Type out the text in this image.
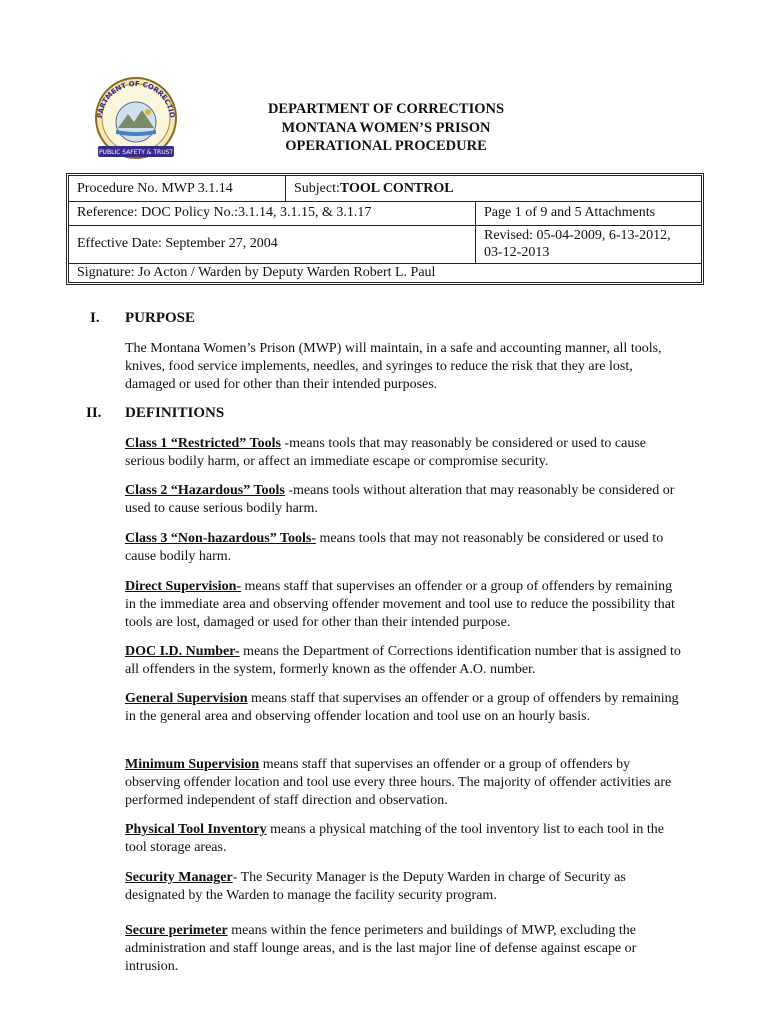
PARTMENT OF CORRECTIO
PUBLIC SAFETY & TRUST
DEPARTMENT OF CORRECTIONS
MONTANA WOMEN’S PRISON
OPERATIONAL PROCEDURE
Procedure No. MWP 3.1.14	Subject: TOOL CONTROL
Reference: DOC Policy No.:3.1.14, 3.1.15, & 3.1.17	Page 1 of 9 and 5 Attachments
Effective Date: September 27, 2004
Revised: 05-04-2009, 6-13-2012,
03-12-2013
Signature: Jo Acton / Warden by Deputy Warden Robert L. Paul
I. PURPOSE
The Montana Women’s Prison (MWP) will maintain, in a safe and accounting manner, all tools, knives, food service implements, needles, and syringes to reduce the risk that they are lost, damaged or used for other than their intended purposes.
II. DEFINITIONS
Class 1 “Restricted” Tools -means tools that may reasonably be considered or used to cause serious bodily harm, or affect an immediate escape or compromise security.
Class 2 “Hazardous” Tools -means tools without alteration that may reasonably be considered or used to cause serious bodily harm.
Class 3 “Non-hazardous” Tools- means tools that may not reasonably be considered or used to cause bodily harm.
Direct Supervision- means staff that supervises an offender or a group of offenders by remaining in the immediate area and observing offender movement and tool use to reduce the possibility that tools are lost, damaged or used for other than their intended purpose.
DOC I.D. Number- means the Department of Corrections identification number that is assigned to all offenders in the system, formerly known as the offender A.O. number.
General Supervision means staff that supervises an offender or a group of offenders by remaining in the general area and observing offender location and tool use on an hourly basis.
Minimum Supervision means staff that supervises an offender or a group of offenders by observing offender location and tool use every three hours. The majority of offender activities are performed independent of staff direction and observation.
Physical Tool Inventory means a physical matching of the tool inventory list to each tool in the tool storage areas.
Security Manager- The Security Manager is the Deputy Warden in charge of Security as designated by the Warden to manage the facility security program.
Secure perimeter means within the fence perimeters and buildings of MWP, excluding the administration and staff lounge areas, and is the last major line of defense against escape or intrusion.
